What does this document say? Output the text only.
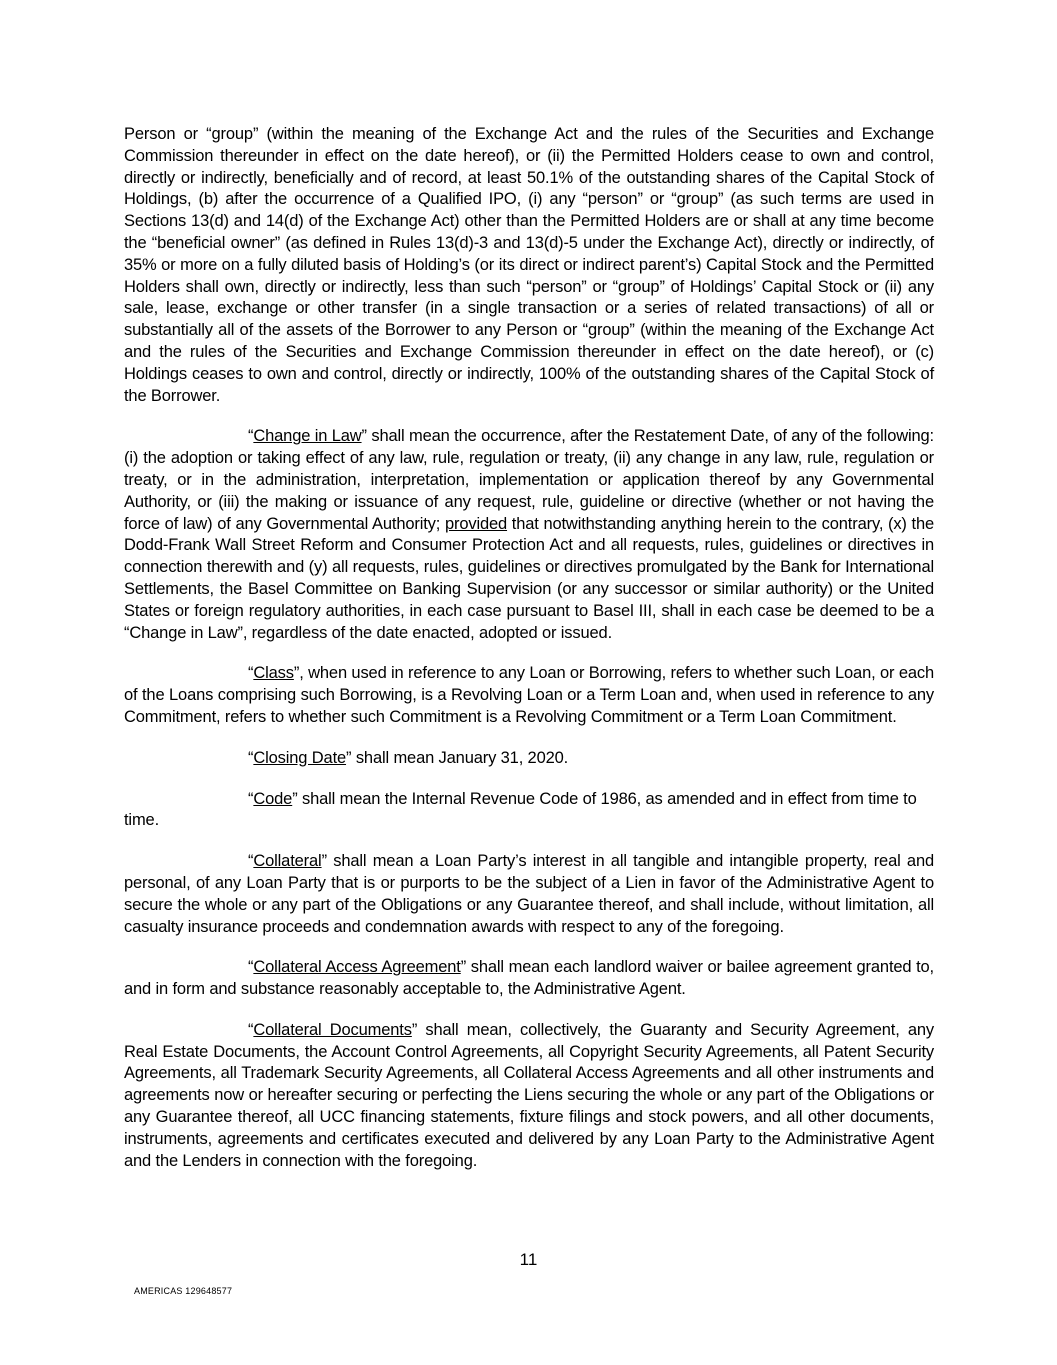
Person or “group” (within the meaning of the Exchange Act and the rules of the Securities and Exchange Commission thereunder in effect on the date hereof), or (ii) the Permitted Holders cease to own and control, directly or indirectly, beneficially and of record, at least 50.1% of the outstanding shares of the Capital Stock of Holdings, (b) after the occurrence of a Qualified IPO, (i) any “person” or “group” (as such terms are used in Sections 13(d) and 14(d) of the Exchange Act) other than the Permitted Holders are or shall at any time become the “beneficial owner” (as defined in Rules 13(d)-3 and 13(d)-5 under the Exchange Act), directly or indirectly, of 35% or more on a fully diluted basis of Holding’s (or its direct or indirect parent’s) Capital Stock and the Permitted Holders shall own, directly or indirectly, less than such “person” or “group” of Holdings’ Capital Stock or (ii) any sale, lease, exchange or other transfer (in a single transaction or a series of related transactions) of all or substantially all of the assets of the Borrower to any Person or “group” (within the meaning of the Exchange Act and the rules of the Securities and Exchange Commission thereunder in effect on the date hereof), or (c) Holdings ceases to own and control, directly or indirectly, 100% of the outstanding shares of the Capital Stock of the Borrower.

“Change in Law” shall mean the occurrence, after the Restatement Date, of any of the following: (i) the adoption or taking effect of any law, rule, regulation or treaty, (ii) any change in any law, rule, regulation or treaty, or in the administration, interpretation, implementation or application thereof by any Governmental Authority, or (iii) the making or issuance of any request, rule, guideline or directive (whether or not having the force of law) of any Governmental Authority; provided that notwithstanding anything herein to the contrary, (x) the Dodd-Frank Wall Street Reform and Consumer Protection Act and all requests, rules, guidelines or directives in connection therewith and (y) all requests, rules, guidelines or directives promulgated by the Bank for International Settlements, the Basel Committee on Banking Supervision (or any successor or similar authority) or the United States or foreign regulatory authorities, in each case pursuant to Basel III, shall in each case be deemed to be a “Change in Law”, regardless of the date enacted, adopted or issued.

“Class”, when used in reference to any Loan or Borrowing, refers to whether such Loan, or each of the Loans comprising such Borrowing, is a Revolving Loan or a Term Loan and, when used in reference to any Commitment, refers to whether such Commitment is a Revolving Commitment or a Term Loan Commitment.

“Closing Date” shall mean January 31, 2020.

“Code” shall mean the Internal Revenue Code of 1986, as amended and in effect from time to time.

“Collateral” shall mean a Loan Party’s interest in all tangible and intangible property, real and personal, of any Loan Party that is or purports to be the subject of a Lien in favor of the Administrative Agent to secure the whole or any part of the Obligations or any Guarantee thereof, and shall include, without limitation, all casualty insurance proceeds and condemnation awards with respect to any of the foregoing.

“Collateral Access Agreement” shall mean each landlord waiver or bailee agreement granted to, and in form and substance reasonably acceptable to, the Administrative Agent.

“Collateral Documents” shall mean, collectively, the Guaranty and Security Agreement, any Real Estate Documents, the Account Control Agreements, all Copyright Security Agreements, all Patent Security Agreements, all Trademark Security Agreements, all Collateral Access Agreements and all other instruments and agreements now or hereafter securing or perfecting the Liens securing the whole or any part of the Obligations or any Guarantee thereof, all UCC financing statements, fixture filings and stock powers, and all other documents, instruments, agreements and certificates executed and delivered by any Loan Party to the Administrative Agent and the Lenders in connection with the foregoing.

11
AMERICAS 129648577
